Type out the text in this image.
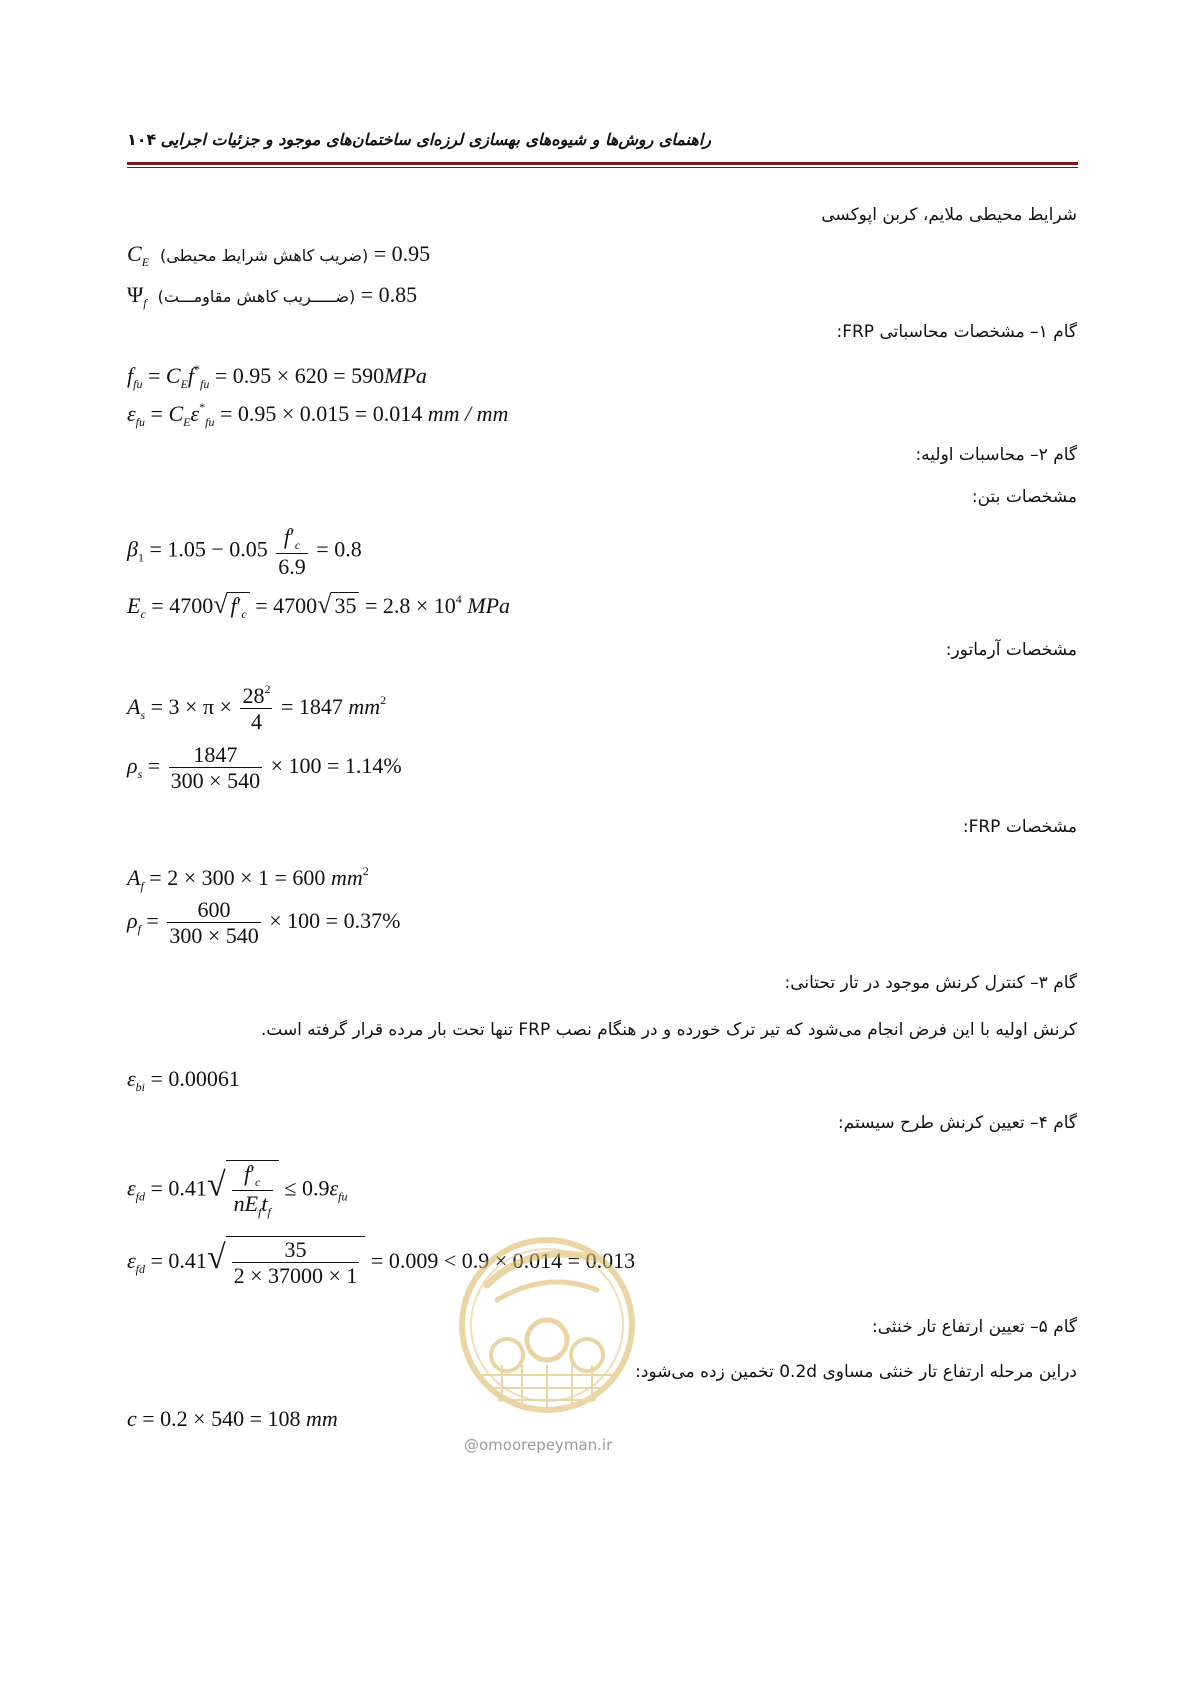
راهنمای روش‌ها و شیوه‌های بهسازی لرزه‌ای ساختمان‌های موجود و جزئیات اجرایی
۱۰۴
شرایط محیطی ملایم، کربن اپوکسی
$C_E$ (ضریب کاهش شرایط محیطی) = 0.95
$\Psi_f$ (ضـــــریب کاهش مقاومـــت) = 0.85
گام ۱– مشخصات محاسباتی FRP:
$f_{fu} = C_Ef^*_{fu} = 0.95 \times 620 = 590MPa$
$\varepsilon_{fu} = C_E\varepsilon^*_{fu} = 0.95 \times 0.015 = 0.014$ mm / mm
گام ۲– محاسبات اولیه:
مشخصات بتن:
$\beta_1 = 1.05 - 0.05 \frac{f'_c}{6.9} = 0.8$
$E_c = 4700√$ $f'_c = 4700√$ $35 = 2.8 \times 10^4$ MPa
مشخصات آرماتور:
$A_s = 3 \times \pi \times \frac{28^2}{4} = 1847$ $mm^2$
$\rho_s = \frac{1847}{300 \times 540} \times 100 = 1.14\%$
مشخصات FRP:
$A_f = 2 \times 300 \times 1 = 600$ $mm^2$
$\rho_f = \frac{600}{300 \times 540} \times 100 = 0.37\%$
گام ۳– کنترل کرنش موجود در تار تحتانی:
کرنش اولیه با این فرض انجام می‌شود که تیر ترک خورده و در هنگام نصب FRP تنها تحت بار مرده قرار گرفته است.
$\varepsilon_{bi} = 0.00061$
گام ۴– تعیین کرنش طرح سیستم:
$\varepsilon_{fd} = 0.41√ \frac{f'_c}{nE_ft_f} \le 0.9\varepsilon_{fu}$
$\varepsilon_{fd} = 0.41√ \frac{35}{2 \times 37000 \times 1} = 0.009 < 0.9 \times 0.014 = 0.013$
گام ۵– تعیین ارتفاع تار خنثی:
دراین مرحله ارتفاع تار خنثی مساوی 0.2d تخمین زده می‌شود:
c = 0.2 × 540 = 108 mm
@omoorepeyman.ir
